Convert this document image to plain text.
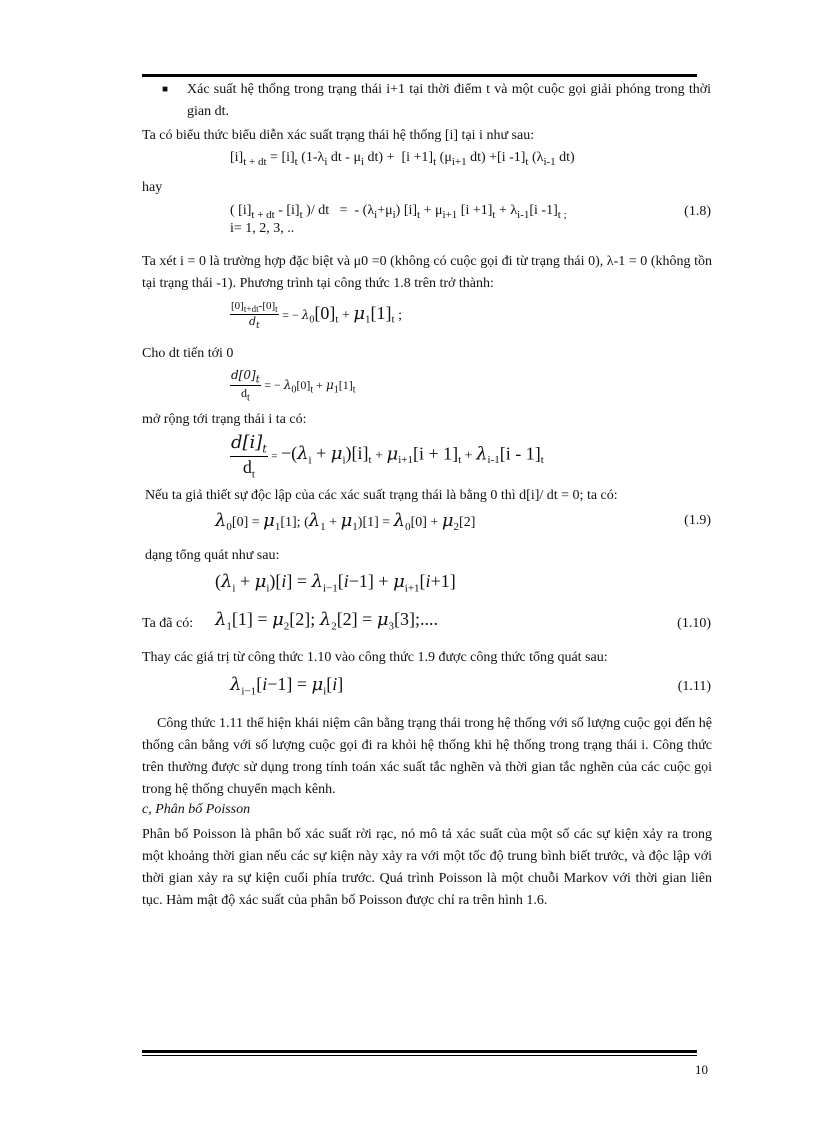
■ Xác suất hệ thống trong trạng thái i+1 tại thời điểm t và một cuộc gọi giải phóng trong thời gian dt.

Ta có biểu thức biểu diễn xác suất trạng thái hệ thống [i] tại i như sau:

$[i]_{t + dt} = [i]_t$ ($1-\lambda_i$ dt - $\mu_i$ $dt) + [i +1]_t$ ($\mu_{i+1}$ dt) +[i $-1]_t$ ($\lambda_{i-1}$ dt)

hay

( $[i]_{t + dt} - [i]_t$ )/ dt   =  - $(\lambda_i+\mu_i) [i]_t + \mu_{i+1}$ $[i +1]_t + \lambda_{i-1}[i$ $-1]_{t ;}$	(1.8)

i= 1, 2, 3, ..

Ta xét i = 0 là trường hợp đặc biệt và μ0 =0 (không có cuộc gọi đi từ trạng thái 0), λ-1 = 0 (không tồn tại trạng thái -1). Phương trình tại công thức 1.8 trên trở thành:

$\frac{[0]_{t+dt}-[0]_t}{d_t}$ = − $\lambda_0[0]_t + \mu_1[1]_t$ ;

Cho dt tiến tới 0

$\frac{d[0]_t}{d_t}$ = − $\lambda_0[0]_t + \mu_1[1]_t$

mở rộng tới trạng thái i ta có:

$\frac{d[i]_t}{d_t} = -(\lambda_i + \mu_i)[i]_t + \mu_{i+1}[i + 1]_t + \lambda_{i-1}[i - 1]_t$

Nếu ta giả thiết sự độc lập của các xác suất trạng thái là bằng 0 thì d[i]/ dt = 0; ta có:

$\lambda_0[0] = \mu_1[1]$; $(\lambda_1 + \mu_1)[1] = \lambda_0[0] + \mu_2[2]$	(1.9)

dạng tổng quát như sau:

$(\lambda_i + \mu_i)[i] = \lambda_{i-1}[i-1] + \mu_{i+1}[i+1]$

Ta đã có: $\lambda_1[1] = \mu_2[2]$; $\lambda_2[2] = \mu_3[3]$;....	(1.10)

Thay các giá trị từ công thức 1.10 vào công thức 1.9 được công thức tổng quát sau:

$\lambda_{i-1}[i-1] = \mu_i[i]$	(1.11)

Công thức 1.11 thể hiện khái niệm cân bằng trạng thái trong hệ thống với số lượng cuộc gọi đến hệ thống cân bằng với số lượng cuộc gọi đi ra khỏi hệ thống khi hệ thống trong trạng thái i. Công thức trên thường được sử dụng trong tính toán xác suất tắc nghẽn và thời gian tắc nghẽn của các cuộc gọi trong hệ thống chuyển mạch kênh.

c, Phân bố Poisson

Phân bố Poisson là phân bố xác suất rời rạc, nó mô tả xác suất của một số các sự kiện xảy ra trong một khoảng thời gian nếu các sự kiện này xảy ra với một tốc độ trung bình biết trước, và độc lập với thời gian xảy ra sự kiện cuối phía trước. Quá trình Poisson là một chuỗi Markov với thời gian liên tục. Hàm mật độ xác suất của phân bố Poisson được chỉ ra trên hình 1.6.

10
